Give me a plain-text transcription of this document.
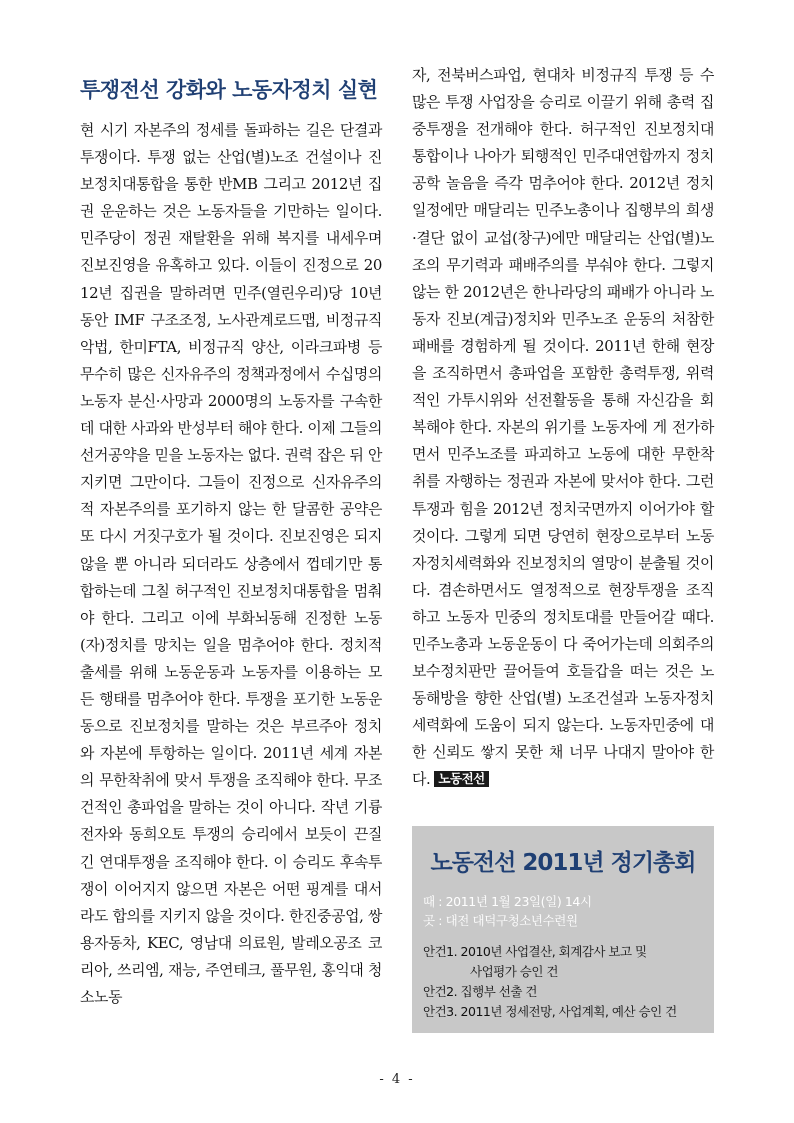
투쟁전선 강화와 노동자정치 실현

현 시기 자본주의 정세를 돌파하는 길은 단결과 투쟁이다. 투쟁 없는 산업(별)노조 건설이나 진보정치대통합을 통한 반MB 그리고 2012년 집권 운운하는 것은 노동자들을 기만하는 일이다. 민주당이 정권 재탈환을 위해 복지를 내세우며 진보진영을 유혹하고 있다. 이들이 진정으로 2012년 집권을 말하려면 민주(열린우리)당 10년 동안 IMF 구조조정, 노사관계로드맵, 비정규직 악법, 한미FTA, 비정규직 양산, 이라크파병 등 무수히 많은 신자유주의 정책과정에서 수십명의 노동자 분신·사망과 2000명의 노동자를 구속한 데 대한 사과와 반성부터 해야 한다. 이제 그들의 선거공약을 믿을 노동자는 없다. 권력 잡은 뒤 안 지키면 그만이다. 그들이 진정으로 신자유주의적 자본주의를 포기하지 않는 한 달콤한 공약은 또 다시 거짓구호가 될 것이다. 진보진영은 되지 않을 뿐 아니라 되더라도 상층에서 껍데기만 통합하는데 그칠 허구적인 진보정치대통합을 멈춰야 한다. 그리고 이에 부화뇌동해 진정한 노동(자)정치를 망치는 일을 멈추어야 한다. 정치적 출세를 위해 노동운동과 노동자를 이용하는 모든 행태를 멈추어야 한다. 투쟁을 포기한 노동운동으로 진보정치를 말하는 것은 부르주아 정치와 자본에 투항하는 일이다. 2011년 세계 자본의 무한착취에 맞서 투쟁을 조직해야 한다. 무조건적인 총파업을 말하는 것이 아니다. 작년 기륭전자와 동희오토 투쟁의 승리에서 보듯이 끈질긴 연대투쟁을 조직해야 한다. 이 승리도 후속투쟁이 이어지지 않으면 자본은 어떤 핑계를 대서라도 합의를 지키지 않을 것이다. 한진중공업, 쌍용자동차, KEC, 영남대 의료원, 발레오공조 코리아, 쓰리엠, 재능, 주연테크, 풀무원, 홍익대 청소노동

자, 전북버스파업, 현대차 비정규직 투쟁 등 수 많은 투쟁 사업장을 승리로 이끌기 위해 총력 집중투쟁을 전개해야 한다. 허구적인 진보정치대통합이나 나아가 퇴행적인 민주대연합까지 정치공학 놀음을 즉각 멈추어야 한다. 2012년 정치일정에만 매달리는 민주노총이나 집행부의 희생·결단 없이 교섭(창구)에만 매달리는 산업(별)노조의 무기력과 패배주의를 부숴야 한다. 그렇지 않는 한 2012년은 한나라당의 패배가 아니라 노동자 진보(계급)정치와 민주노조 운동의 처참한 패배를 경험하게 될 것이다. 2011년 한해 현장을 조직하면서 총파업을 포함한 총력투쟁, 위력적인 가투시위와 선전활동을 통해 자신감을 회복해야 한다. 자본의 위기를 노동자에 게 전가하면서 민주노조를 파괴하고 노동에 대한 무한착취를 자행하는 정권과 자본에 맞서야 한다. 그런 투쟁과 힘을 2012년 정치국면까지 이어가야 할 것이다. 그렇게 되면 당연히 현장으로부터 노동자정치세력화와 진보정치의 열망이 분출될 것이다. 겸손하면서도 열정적으로 현장투쟁을 조직하고 노동자 민중의 정치토대를 만들어갈 때다. 민주노총과 노동운동이 다 죽어가는데 의회주의 보수정치판만 끌어들여 호들갑을 떠는 것은 노동해방을 향한 산업(별) 노조건설과 노동자정치세력화에 도움이 되지 않는다. 노동자민중에 대한 신뢰도 쌓지 못한 채 너무 나대지 말아야 한다. 노동전선

노동전선 2011년 정기총회
때 : 2011년 1월 23일(일) 14시
곳 : 대전 대덕구청소년수련원
안건1. 2010년 사업결산, 회계감사 보고 및
사업평가 승인 건
안건2. 집행부 선출 건
안건3. 2011년 정세전망, 사업계획, 예산 승인 건
- 4 -
